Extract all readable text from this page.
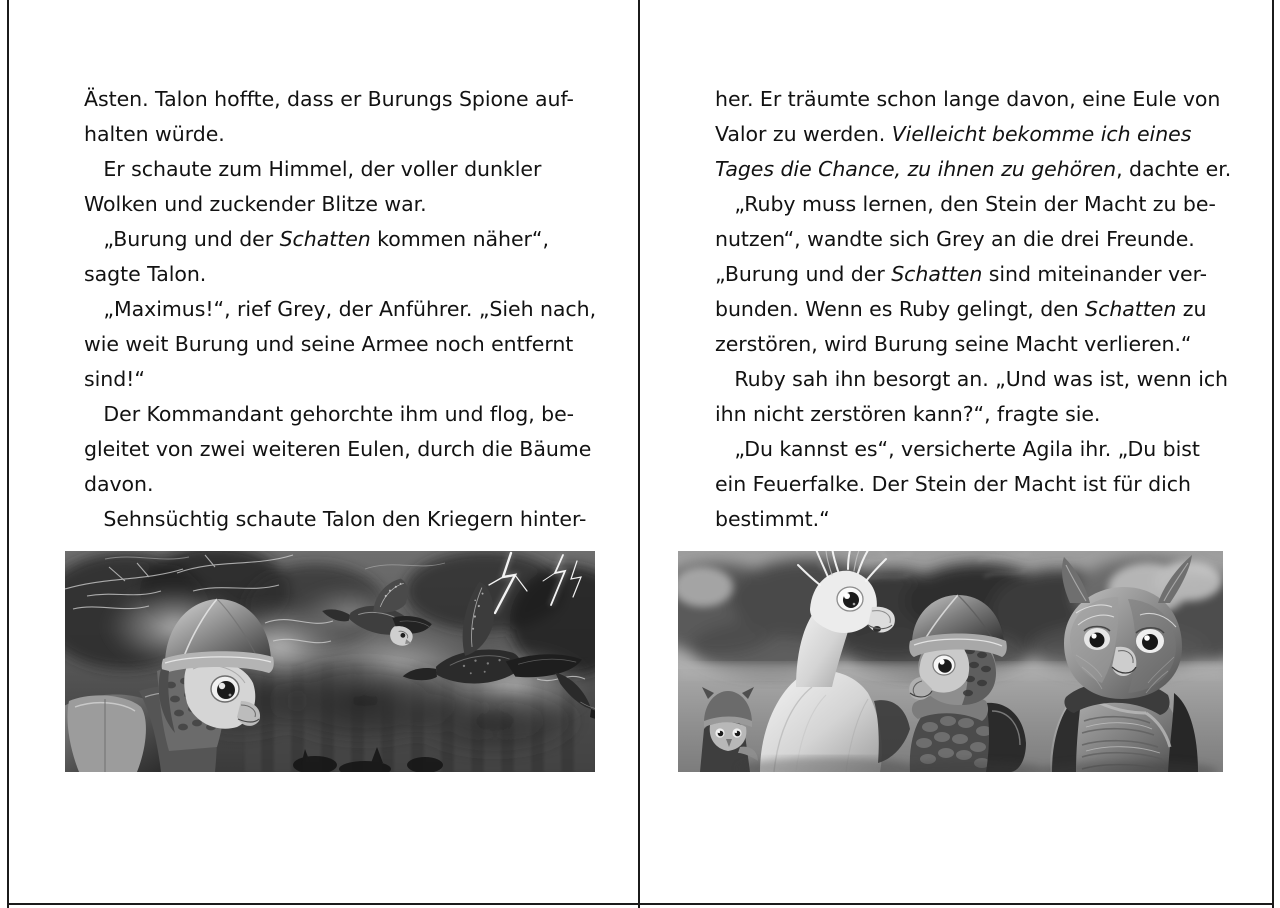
Ästen. Talon hoffte, dass er Burungs Spione auf-
halten würde.
Er schaute zum Himmel, der voller dunkler
Wolken und zuckender Blitze war.
„Burung und der Schatten kommen näher“,
sagte Talon.
„Maximus!“, rief Grey, der Anführer. „Sieh nach,
wie weit Burung und seine Armee noch entfernt
sind!“
Der Kommandant gehorchte ihm und flog, be-
gleitet von zwei weiteren Eulen, durch die Bäume
davon.
Sehnsüchtig schaute Talon den Kriegern hinter-
her. Er träumte schon lange davon, eine Eule von
Valor zu werden. Vielleicht bekomme ich eines
Tages die Chance, zu ihnen zu gehören, dachte er.
„Ruby muss lernen, den Stein der Macht zu be-
nutzen“, wandte sich Grey an die drei Freunde.
„Burung und der Schatten sind miteinander ver-
bunden. Wenn es Ruby gelingt, den Schatten zu
zerstören, wird Burung seine Macht verlieren.“
Ruby sah ihn besorgt an. „Und was ist, wenn ich
ihn nicht zerstören kann?“, fragte sie.
„Du kannst es“, versicherte Agila ihr. „Du bist
ein Feuerfalke. Der Stein der Macht ist für dich
bestimmt.“
